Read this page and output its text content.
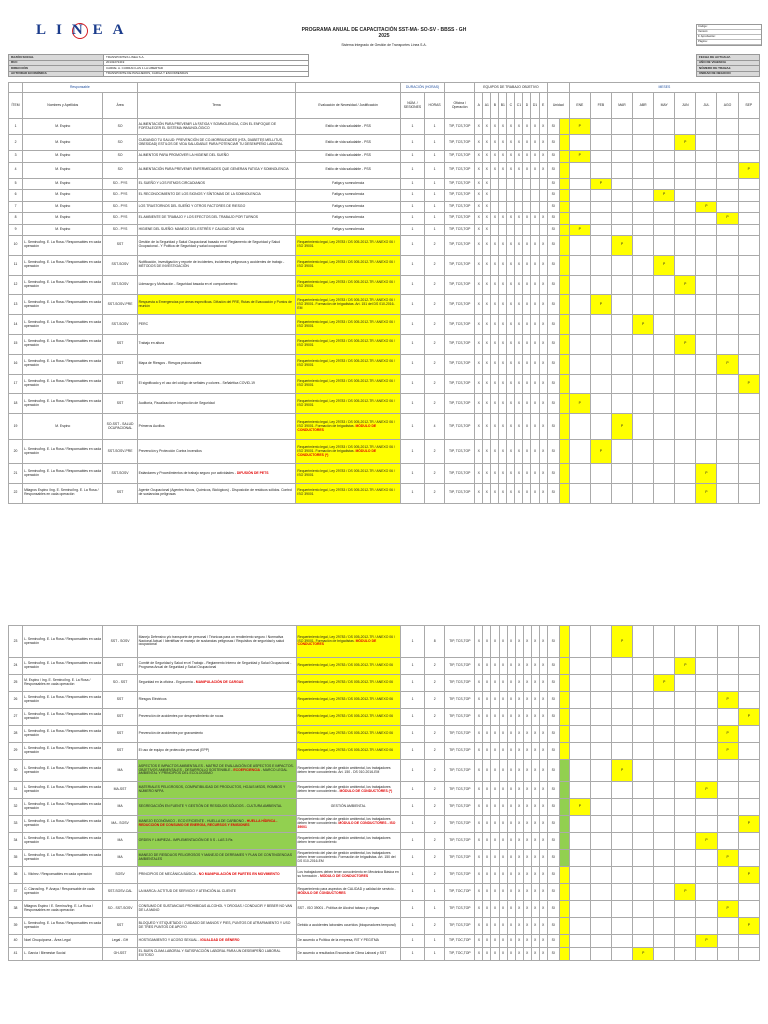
LINEA	PROGRAMA ANUAL DE CAPACITACIÓN SST-MA- SO-SV - BBSS - GH
2025
Sistema Integrado de Gestión de Transportes Línea S.A.
Código:
Versión:
F. Aprobación:
Página:
RAZÓN SOCIAL	TRANSPORTES LINEA S.A.
RUC	20132272419
DIRECCIÓN	CARRE. A. CURRAN LAS 1 LA LIBERTAD
ACTIVIDAD ECONÓMICA	TRANSPORTE DE PASAJEROS, CARGA Y ENCOMIENDAS
FECHA DE ACTUALIZ.
AÑO DE VIGENCIA
NÚMERO DE TRABAJ.
UNIDAD DE NEGOCIO
	Responsable				DURACIÓN (HORAS)			EQUIPOS DE TRABAJO OBJETIVO											MESES								
ÍTEM	Nombres y Apellidos	Área	Tema	Evaluación de Necesidad / Justificación	NÚM. / SESIONES	HORAS	Oficina / Operación	A	A1	B	B1	C	C1	D	D1	E	Unidad		ENE	FEB	MAR	ABR	MAY	JUN	JUL	AGO	SEP
1	M. Espino	SO	ALIMENTACIÓN PARA PREVENIR LA FATIGA Y SOMNOLENCIA, CON EL ENFOQUE DE FORTALECER EL SISTEMA INMUNOLÓGICO	Estilo de vida saludable - PSS	1	1	TIP, TCS,TOP	X	X	X	X	X	X	X	X	X	SI		P								
2	M. Espino	SO	CUIDANDO TU SALUD: PREVENCIÓN DE CO-MORBILIDADES (HTA, DIABETES MELLITUS, OBESIDAD) ESTILOS DE VIDA SALUDABLE PARA POTENCIAR TU DESEMPEÑO LABORAL	Estilo de vida saludable - PSS	1	1	TIP, TCS,TOP	X	X	X	X	X	X	X	X	X	SI							P			
3	M. Espino	SO	ALIMENTOS PARA PROMOVER LA HIGIENE DEL SUEÑO	Estilo de vida saludable - PSS	1	1	TIP, TCS,TOP	X	X	X	X	X	X	X	X	X	SI		P								
4	M. Espino	SO	ALIMENTACIÓN PARA PREVENIR ENFERMEDADES QUE GENERAN FATIGA Y SOMNOLENCIA	Estilo de vida saludable - PSS	1	1	TIP, TCS,TOP	X	X	X	X	X	X	X	X	X	SI										P
5	M. Espino	SO - PYS	EL SUEÑO Y LOS RITMOS CIRCADIANOS	Fatiga y somnolencia	1	1	TIP, TCS,TOP	X	X								SI			P							
6	M. Espino	SO - PYS	EL RECONOCIMIENTO DE LOS SIGNOS Y SÍNTOMAS DE LA SOMNOLENCIA	Fatiga y somnolencia	1	1	TIP, TCS,TOP	X	X								SI						P				
7	M. Espino	SO - PYS	LOS TRASTORNOS DEL SUEÑO Y OTROS FACTORES DE RIESGO	Fatiga y somnolencia	1	1	TIP, TCS,TOP	X	X								SI								P		
8	M. Espino	SO - PYS	EL AMBIENTE DE TRABAJO Y LOS EFECTOS DEL TRABAJO POR TURNOS	Fatiga y somnolencia	1	1	TIP, TCS,TOP	X	X	X	X	X	X	X	X	X	SI									P	
9	M. Espino	SO - PYS	HIGIENE DEL SUEÑO: MANEJO DEL ESTRÉS Y CALIDAD DE VIDA	Fatiga y somnolencia	1	1	TIP, TCS,TOP	X	X								SI		P								
10	L. Semino/Ing. E. La Rosa / Responsables en cada operación	SST	Gestión de la Seguridad y Salud Ocupacional basado en el Reglamento de Seguridad y Salud Ocupacional - Y Política de Seguridad y salud ocupacional	Requerimiento legal, Ley 29783 / DS 005-2012-TR / ANEXO 06 / ISO 39001	1	2	TIP, TCS,TOP	X	X	X	X	X	X	X	X	X	SI				P						
11	L. Semino/Ing. E. La Rosa / Responsables en cada operación	SST-SOSV	Notificación, investigación y reporte de incidentes, incidentes peligrosos y accidentes de trabajo - MÉTODOS DE INVESTIGACIÓN	Requerimiento legal, Ley 29783 / DS 005-2012-TR / ANEXO 06 / ISO 39001	1	2	TIP, TCS,TOP	X	X	X	X	X	X	X	X	X	SI						P				
12	L. Semino/Ing. E. La Rosa / Responsables en cada operación	SST-SOSV	Liderazgo y Motivación - Seguridad basada en el comportamiento	Requerimiento legal, Ley 29783 / DS 005-2012-TR / ANEXO 06 / ISO 39001	1	2	TIP, TCS,TOP	X	X	X	X	X	X	X	X	X	SI							P			
13	L. Semino/Ing. E. La Rosa / Responsables en cada operación	SST-SOSV-PRE	Respuesta a Emergencias por áreas específicas. Difusión del PRE, Rutas de Evacuación y Puntos de reunión	Requerimiento legal, Ley 29783 / DS 005-2012-TR / ANEXO 06 / ISO 39001. Formación de brigadistas. Art. 151 del DS 010-2016-EM	1	2	TIP, TCS,TOP	X	X	X	X	X	X	X	X	X	SI			P							
14	L. Semino/Ing. E. La Rosa / Responsables en cada operación	SST-SOSV	PERC	Requerimiento legal, Ley 29783 / DS 005-2012-TR / ANEXO 06 / ISO 39001	1	2	TIP, TCS,TOP	X	X	X	X	X	X	X	X	X	SI					P					
15	L. Semino/Ing. E. La Rosa / Responsables en cada operación	SST	Trabajo en altura	Requerimiento legal, Ley 29783 / DS 005-2012-TR / ANEXO 06 / ISO 39001	1	2	TIP, TCS,TOP	X	X	X	X	X	X	X	X	X	SI							P			
16	L. Semino/Ing. E. La Rosa / Responsables en cada operación	SST	Mapa de Riesgos - Riesgos psicosociales	Requerimiento legal, Ley 29783 / DS 005-2012-TR / ANEXO 06 / ISO 39001	1	2	TIP, TCS,TOP	X	X	X	X	X	X	X	X	X	SI									P	
17	L. Semino/Ing. E. La Rosa / Responsables en cada operación	SST	El significado y el uso del código de señales y colores - Señalética COVID-19	Requerimiento legal, Ley 29783 / DS 005-2012-TR / ANEXO 06 / ISO 39001	1	2	TIP, TCS,TOP	X	X	X	X	X	X	X	X	X	SI										P
18	L. Semino/Ing. E. La Rosa / Responsables en cada operación	SST	Auditoría, Fiscalización e Inspección de Seguridad	Requerimiento legal, Ley 29783 / DS 005-2012-TR / ANEXO 06 / ISO 39001	1	2	TIP, TCS,TOP	X	X	X	X	X	X	X	X	X	SI		P								
19	M. Espino	SO-SST - SALUD OCUPACIONAL	Primeros Auxilios	Requerimiento legal, Ley 29783 / DS 005-2012-TR / ANEXO 06 / ISO 39001. Formación de brigadistas. MÓDULO DE CONDUCTORES	1	4	TIP, TCS,TOP	X	X	X	X	X	X	X	X	X	SI				P						
20	L. Semino/Ing. E. La Rosa / Responsables en cada operación	SST-SOSV-PRE	Prevención y Protección Contra Incendios	Requerimiento legal, Ley 29783 / DS 005-2012-TR / ANEXO 06 / ISO 39001. Formación de brigadistas. MÓDULO DE CONDUCTORES (*)	1	2	TIP, TCS,TOP	X	X	X	X	X	X	X	X	X	SI			P							
21	L. Semino/Ing. E. La Rosa / Responsables en cada operación	SST-SOSV	Estándares y Procedimientos de trabajo seguro por actividades - DIFUSIÓN DE PETS	Requerimiento legal, Ley 29783 / DS 005-2012-TR / ANEXO 06 / ISO 39001	1	2	TIP, TCS,TOP	X	X	X	X	X	X	X	X	X	SI								P		
22	Milagros Espino /Ing. E. Semino/Ing. E. La Rosa / Responsables en cada operación	SST	Agente Ocupacional (Agentes físicos, Químicos, Biológicos) - Disposición de residuos sólidos. Control de sustancias peligrosas	Requerimiento legal, Ley 29783 / DS 005-2012-TR / ANEXO 06 / ISO 39001	1	2	TIP, TCS,TOP	X	X	X	X	X	X	X	X	X	SI								P		
23	L. Semino/Ing. E. La Rosa / Responsables en cada operación	SST - SOSV	Manejo Defensivo y/o transporte de personal / Técnicas para un rendimiento seguro / Normativa Nacional Actual / Identificar el manejo de sustancias peligrosas / Requisitos de seguridad y salud ocupacional	Requerimiento legal, Ley 29783 / DS 005-2012-TR / ANEXO 06 / ISO 39001. Formación de brigadistas. MÓDULO DE CONDUCTORES	1	8	TIP, TCS,TOP	X	X	X	X	X	X	X	X	X	SI				P						
24	L. Semino/Ing. E. La Rosa / Responsables en cada operación	SST	Comité de Seguridad y Salud en el Trabajo - Reglamento Interno de Seguridad y Salud Ocupacional - Programa Anual de Seguridad y Salud Ocupacional	Requerimiento legal, Ley 29783 / DS 005-2012-TR / ANEXO 06	1	2	TIP, TCS,TOP	X	X	X	X	X	X	X	X	X	SI							P			
25	M. Espino / Ing. E. Semino/Ing. E. La Rosa / Responsables en cada operación	SO - SST	Seguridad en la oficina - Ergonomía - MANIPULACIÓN DE CARGAS	Requerimiento legal, Ley 29783 / DS 005-2012-TR / ANEXO 06	1	2	TIP, TCS,TOP	X	X	X	X	X	X	X	X	X	SI						P				
26	L. Semino/Ing. E. La Rosa / Responsables en cada operación	SST	Riesgos Eléctricos	Requerimiento legal, Ley 29783 / DS 005-2012-TR / ANEXO 06	1	2	TIP, TCS,TOP	X	X	X	X	X	X	X	X	X	SI									P	
27	L. Semino/Ing. E. La Rosa / Responsables en cada operación	SST	Prevención de accidentes por desprendimiento de rocas	Requerimiento legal, Ley 29783 / DS 005-2012-TR / ANEXO 06	1	2	TIP, TCS,TOP	X	X	X	X	X	X	X	X	X	SI										P
28	L. Semino/Ing. E. La Rosa / Responsables en cada operación	SST	Prevención de accidentes por gravamiento	Requerimiento legal, Ley 29783 / DS 005-2012-TR / ANEXO 06	1	2	TIP, TCS,TOP	X	X	X	X	X	X	X	X	X	SI									P	
29	L. Semino/Ing. E. La Rosa / Responsables en cada operación	SST	El uso de equipo de protección personal (EPP)	Requerimiento legal, Ley 29783 / DS 005-2012-TR / ANEXO 06	1	2	TIP, TCS,TOP	X	X	X	X	X	X	X	X	X	SI									P	
30	L. Semino/Ing. E. La Rosa / Responsables en cada operación	MA	ASPECTOS E IMPACTOS AMBIENTALES - MATRIZ DE EVALUACIÓN DE ASPECTOS E IMPACTOS. OBJETIVOS AMBIENTALES - DESARROLLO SOSTENIBLE - ECOEFICIENCIA - MARCO LEGAL AMBIENTAL Y PRINCIPIOS DEL ECOLOGISMO	Requerimiento del plan de gestión ambiental, los trabajadores deben tener conocimiento. Art. 150 - DS 010-2016-EM	1	2	TIP, TCS,TOP	X	X	X	X	X	X	X	X	X	SI				P						
31	L. Semino/Ing. E. La Rosa / Responsables en cada operación	MA-SST	MATERIALES PELIGROSOS, COMPATIBILIDAD DE PRODUCTOS, HOJAS MSDS, ROMBOS Y NÚMERO NFPA	Requerimiento del plan de gestión ambiental, los trabajadores deben tener conocimiento - MÓDULO DE CONDUCTORES (*)	1	2	TIP, TCS,TOP	X	X	X	X	X	X	X	X	X	SI								P		
32	L. Semino/Ing. E. La Rosa / Responsables en cada operación	MA	SEGREGACIÓN EN FUENTE Y GESTIÓN DE RESIDUOS SÓLIDOS - CULTURA AMBIENTAL	GESTIÓN AMBIENTAL	1	2	TIP, TCS,TOP	X	X	X	X	X	X	X	X	X	SI		P								
33	L. Semino/Ing. E. La Rosa / Responsables en cada operación	MA - SOSV	MANEJO ECONÓMICO - ECO EFICIENTE - HUELLA DE CARBONO - HUELLA HÍDRICA - REDUCCIÓN DE CONSUMO DE ENERGÍA, RECURSOS Y EMISIONES	Requerimiento del plan de gestión ambiental, los trabajadores deben tener conocimiento. MÓDULO DE CONDUCTORES - ISO 39001	1	2	TIP, TCS,TOP	X	X	X	X	X	X	X	X	X	SI										P
34	L. Semino/Ing. E. La Rosa / Responsables en cada operación	MA	ORDEN Y LIMPIEZA - IMPLEMENTACIÓN DE 5 S - LAS 3 Rs	Requerimiento del plan de gestión ambiental, los trabajadores deben tener conocimiento	1	2	TIP, TCS,TOP	X	X	X	X	X	X	X	X	X	SI								P		
35	L. Semino/Ing. E. La Rosa / Responsables en cada operación	MA	MANEJO DE RESIDUOS PELIGROSOS Y MANEJO DE DERRAMES Y PLAN DE CONTINGENCIAS AMBIENTALES	Requerimiento del plan de gestión ambiental, los trabajadores deben tener conocimiento. Formación de brigadistas. Art. 150 del DS 010-2016-EM	1	2	TIP, TCS,TOP	X	X	X	X	X	X	X	X	X	SI									P	
36	L. Vilchez / Responsables en cada operación	SOSV	PRINCIPIOS DE MECÁNICA BÁSICA - NO MANIPULACIÓN DE PARTES EN MOVIMIENTO	Los trabajadores deben tener conocimiento en Mecánica Básica en su formación - MÓDULO DE CONDUCTORES	1	2	TIP, TCS,TOP	X	X	X	X	X	X	X	X	X	SI										P
37	C. Claros/Ing. P. Anaya / Responsable de cada operación	SST-SOSV-CAL	LA MARCA: ACTITUD DE SERVICIO Y ATENCIÓN AL CLIENTE	Requerimiento para aspectos de CALIDAD y calidad de servicio - MÓDULO DE CONDUCTORES	1	1	TIP, TOC,TOP	X	X	X	X	X	X	X	X	X	SI							P			
38	Milagros Espino / E. Semino/Ing. E. La Rosa / Responsables en cada operación	SO - SST-SOSV	CONSUMO DE SUSTANCIAS PROHIBIDAS ALCOHOL Y DROGAS / CONDUCIR Y BEBER NO VAN DE LA MANO	SST - ISO 39001 - Política de Alcohol tabaco y drogas	1	1	TIP, TCS,TOP	X	X	X	X	X	X	X	X	X	SI									P	
39	L. Semino/Ing. E. La Rosa / Responsables en cada operación	SST	BLOQUEO Y ETIQUETADO / CUIDADO DE MANOS Y PIES, PUNTOS DE ATRAPAMIENTO Y USO DE TRES PUNTOS DE APOYO	Debido a accidentes laborales ocurridos (bloqueadores temporal)	1	2	TIP, TCS,TOP	X	X	X	X	X	X	X	X	X	SI										P
40	Noel Chuquipoma - Área Legal	Legal - GH	HOSTIGAMIENTO Y ACOSO SEXUAL - IGUALDAD DE GÉNERO	De acuerdo a Política de la empresa, RIT Y PEGITMA	1	1	TIP, TOC,TOP	X	X	X	X	X	X	X	X	X	SI								P		
41	L. García / Bienestar Social	GH-SST	EL BUEN CLIMA LABORAL Y SATISFACCIÓN LABORAL PARA UN DESEMPEÑO LABORAL EXITOSO	De acuerdo a resultados Encuesta de Clima Laboral y SST	1	1	TIP, TOC,TOP	X	X	X	X	X	X	X	X	X	SI					P					
